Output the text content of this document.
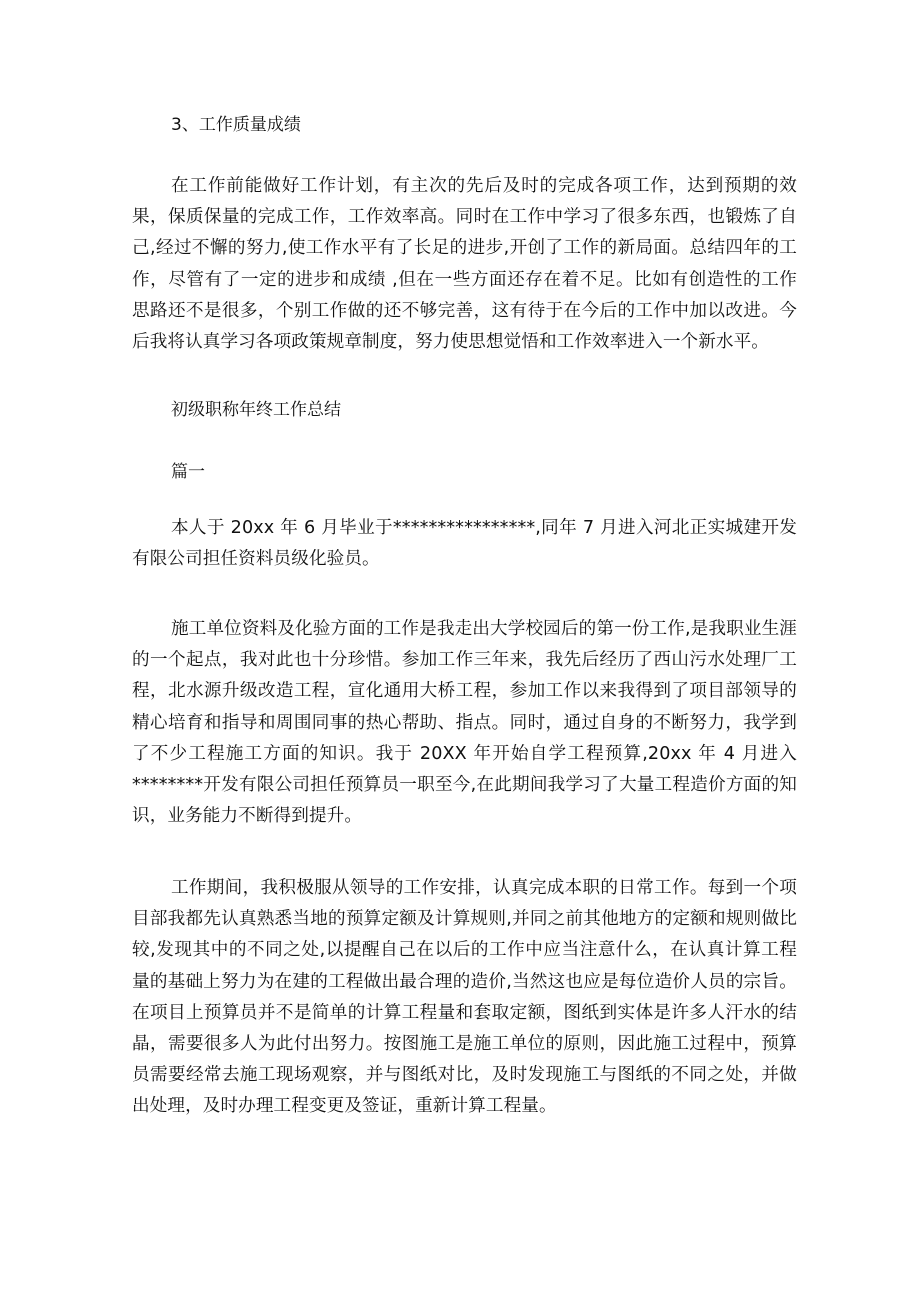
3、工作质量成绩

在工作前能做好工作计划，有主次的先后及时的完成各项工作，达到预期的效果，保质保量的完成工作，工作效率高。同时在工作中学习了很多东西，也锻炼了自己,经过不懈的努力,使工作水平有了长足的进步,开创了工作的新局面。总结四年的工作，尽管有了一定的进步和成绩 ,但在一些方面还存在着不足。比如有创造性的工作思路还不是很多，个别工作做的还不够完善，这有待于在今后的工作中加以改进。今后我将认真学习各项政策规章制度，努力使思想觉悟和工作效率进入一个新水平。

初级职称年终工作总结

篇一

本人于 20xx 年 6 月毕业于****************,同年 7 月进入河北正实城建开发有限公司担任资料员级化验员。

施工单位资料及化验方面的工作是我走出大学校园后的第一份工作,是我职业生涯的一个起点，我对此也十分珍惜。参加工作三年来，我先后经历了西山污水处理厂工程，北水源升级改造工程，宣化通用大桥工程，参加工作以来我得到了项目部领导的精心培育和指导和周围同事的热心帮助、指点。同时，通过自身的不断努力，我学到了不少工程施工方面的知识。我于 20XX 年开始自学工程预算,20xx 年 4 月进入********开发有限公司担任预算员一职至今,在此期间我学习了大量工程造价方面的知识，业务能力不断得到提升。

工作期间，我积极服从领导的工作安排，认真完成本职的日常工作。每到一个项目部我都先认真熟悉当地的预算定额及计算规则,并同之前其他地方的定额和规则做比较,发现其中的不同之处,以提醒自己在以后的工作中应当注意什么，在认真计算工程量的基础上努力为在建的工程做出最合理的造价,当然这也应是每位造价人员的宗旨。在项目上预算员并不是简单的计算工程量和套取定额，图纸到实体是许多人汗水的结晶，需要很多人为此付出努力。按图施工是施工单位的原则，因此施工过程中，预算员需要经常去施工现场观察，并与图纸对比，及时发现施工与图纸的不同之处，并做出处理，及时办理工程变更及签证，重新计算工程量。
